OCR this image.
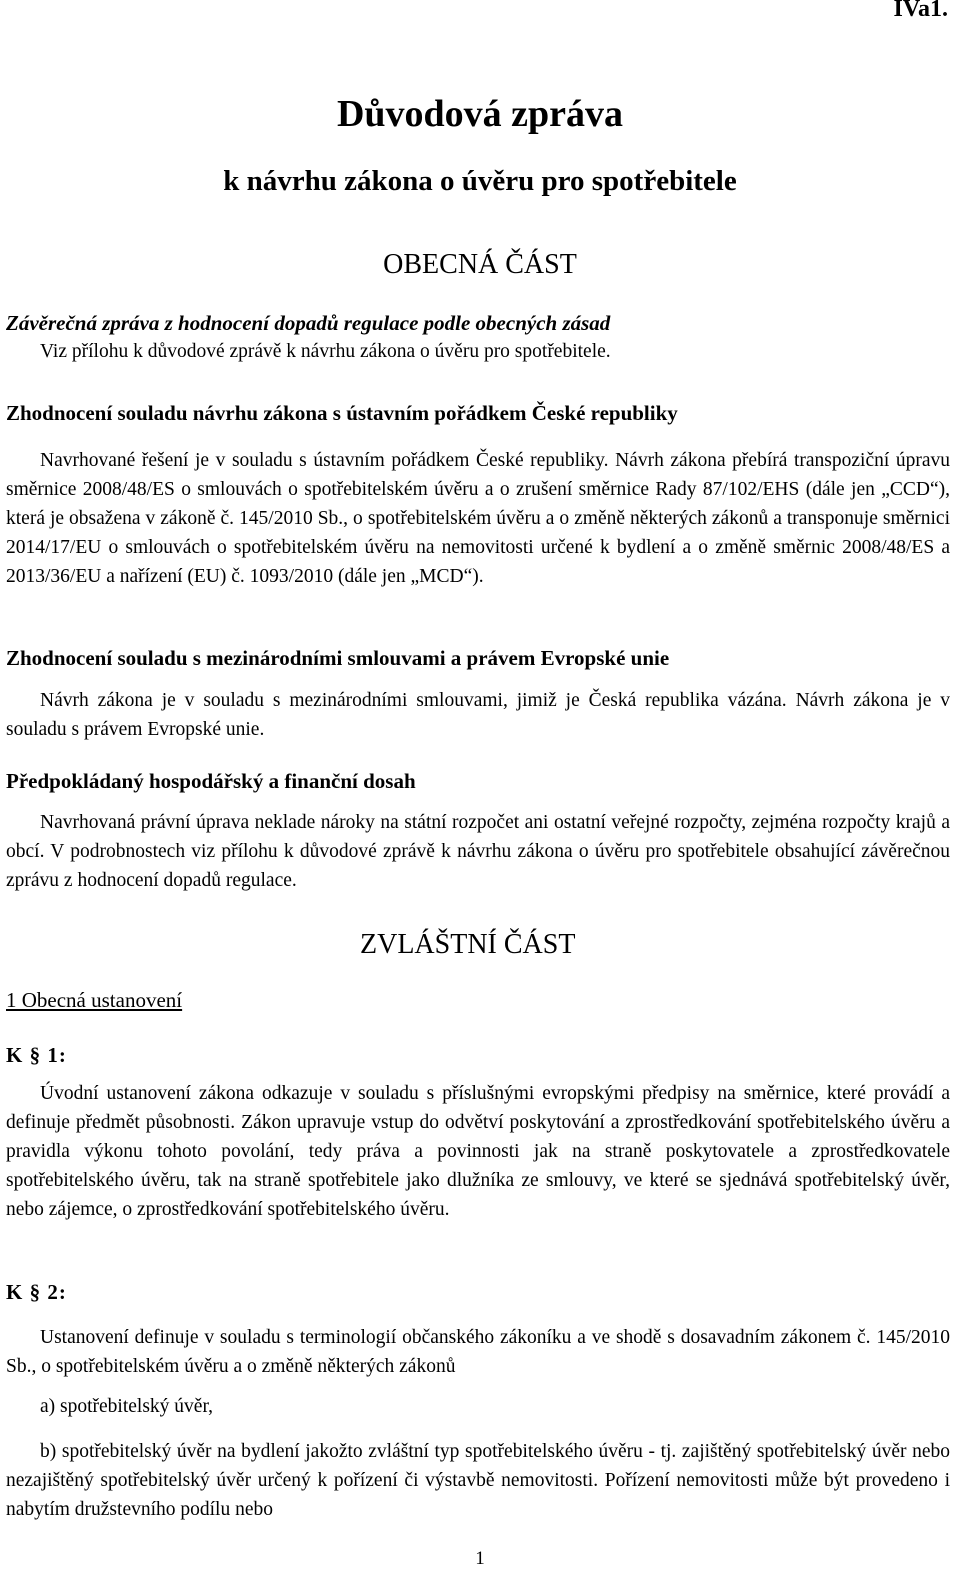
IVa1.
Důvodová zpráva
k návrhu zákona o úvěru pro spotřebitele
OBECNÁ ČÁST
Závěrečná zpráva z hodnocení dopadů regulace podle obecných zásad

Viz přílohu k důvodové zprávě k návrhu zákona o úvěru pro spotřebitele.

Zhodnocení souladu návrhu zákona s ústavním pořádkem České republiky

Navrhované řešení je v souladu s ústavním pořádkem České republiky. Návrh zákona přebírá transpoziční úpravu směrnice 2008/48/ES o smlouvách o spotřebitelském úvěru a o zrušení směrnice Rady 87/102/EHS (dále jen „CCD“), která je obsažena v zákoně č. 145/2010 Sb., o spotřebitelském úvěru a o změně některých zákonů a transponuje směrnici 2014/17/EU o smlouvách o spotřebitelském úvěru na nemovitosti určené k bydlení a o změně směrnic 2008/48/ES a 2013/36/EU a nařízení (EU) č. 1093/2010 (dále jen „MCD“).

Zhodnocení souladu s mezinárodními smlouvami a právem Evropské unie

Návrh zákona je v souladu s mezinárodními smlouvami, jimiž je Česká republika vázána. Návrh zákona je v souladu s právem Evropské unie.

Předpokládaný hospodářský a finanční dosah

Navrhovaná právní úprava neklade nároky na státní rozpočet ani ostatní veřejné rozpočty, zejména rozpočty krajů a obcí. V podrobnostech viz přílohu k důvodové zprávě k návrhu zákona o úvěru pro spotřebitele obsahující závěrečnou zprávu z hodnocení dopadů regulace.

ZVLÁŠTNÍ ČÁST
1 Obecná ustanovení
K § 1:

Úvodní ustanovení zákona odkazuje v souladu s příslušnými evropskými předpisy na směrnice, které provádí a definuje předmět působnosti. Zákon upravuje vstup do odvětví poskytování a zprostředkování spotřebitelského úvěru a pravidla výkonu tohoto povolání, tedy práva a povinnosti jak na straně poskytovatele a zprostředkovatele spotřebitelského úvěru, tak na straně spotřebitele jako dlužníka ze smlouvy, ve které se sjednává spotřebitelský úvěr, nebo zájemce, o zprostředkování spotřebitelského úvěru.

K § 2:

Ustanovení definuje v souladu s terminologií občanského zákoníku a ve shodě s dosavadním zákonem č. 145/2010 Sb., o spotřebitelském úvěru a o změně některých zákonů

a) spotřebitelský úvěr,

b) spotřebitelský úvěr na bydlení jakožto zvláštní typ spotřebitelského úvěru - tj. zajištěný spotřebitelský úvěr nebo nezajištěný spotřebitelský úvěr určený k pořízení či výstavbě nemovitosti. Pořízení nemovitosti může být provedeno i nabytím družstevního podílu nebo

1
